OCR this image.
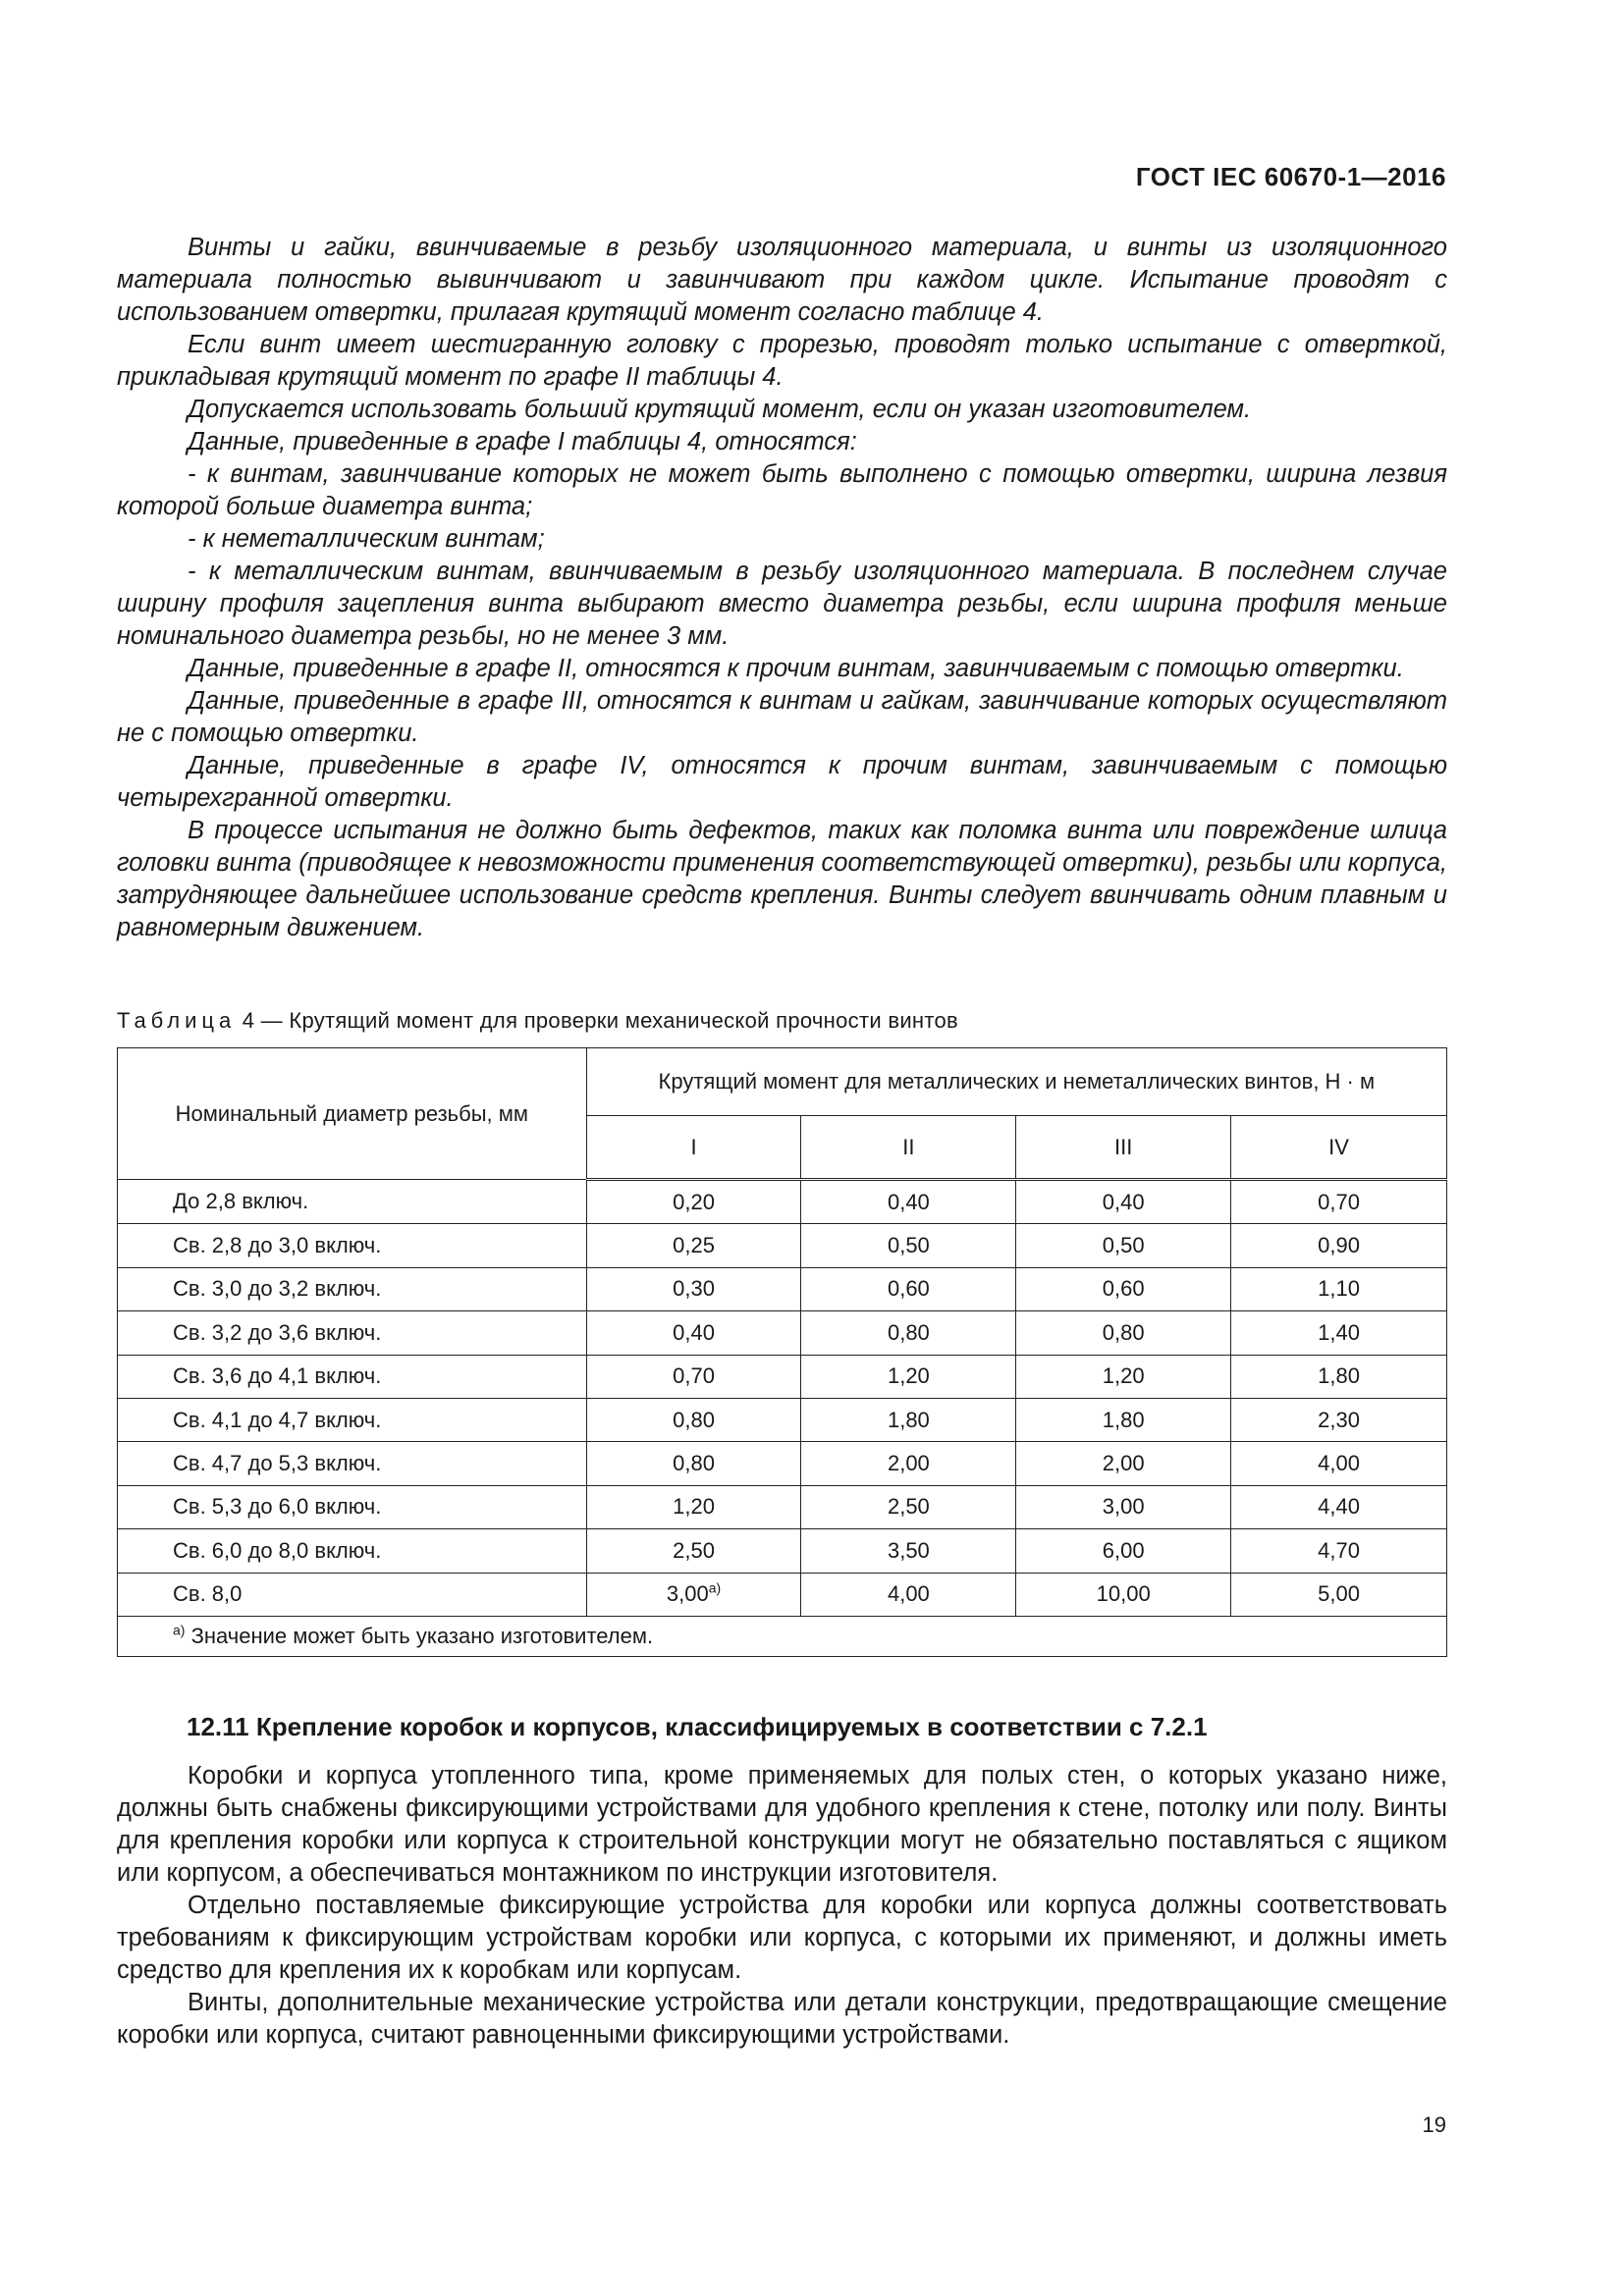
ГОСТ IEC 60670-1—2016

Винты и гайки, ввинчиваемые в резьбу изоляционного материала, и винты из изоляционного материала полностью вывинчивают и завинчивают при каждом цикле. Испытание проводят с использованием отвертки, прилагая крутящий момент согласно таблице 4.

Если винт имеет шестигранную головку с прорезью, проводят только испытание с отверткой, прикладывая крутящий момент по графе II таблицы 4.

Допускается использовать больший крутящий момент, если он указан изготовителем.

Данные, приведенные в графе I таблицы 4, относятся:

- к винтам, завинчивание которых не может быть выполнено с помощью отвертки, ширина лезвия которой больше диаметра винта;

- к неметаллическим винтам;

- к металлическим винтам, ввинчиваемым в резьбу изоляционного материала. В последнем случае ширину профиля зацепления винта выбирают вместо диаметра резьбы, если ширина профиля меньше номинального диаметра резьбы, но не менее 3 мм.

Данные, приведенные в графе II, относятся к прочим винтам, завинчиваемым с помощью отвертки.

Данные, приведенные в графе III, относятся к винтам и гайкам, завинчивание которых осуществляют не с помощью отвертки.

Данные, приведенные в графе IV, относятся к прочим винтам, завинчиваемым с помощью четырехгранной отвертки.

В процессе испытания не должно быть дефектов, таких как поломка винта или повреждение шлица головки винта (приводящее к невозможности применения соответствующей отвертки), резьбы или корпуса, затрудняющее дальнейшее использование средств крепления. Винты следует ввинчивать одним плавным и равномерным движением.

Таблица 4 — Крутящий момент для проверки механической прочности винтов
Номинальный диаметр резьбы, мм	Крутящий момент для металлических и неметаллических винтов, Н · м			
	I	II	III	IV
До 2,8 включ.	0,20	0,40	0,40	0,70
Св. 2,8 до 3,0 включ.	0,25	0,50	0,50	0,90
Св. 3,0 до 3,2 включ.	0,30	0,60	0,60	1,10
Св. 3,2 до 3,6 включ.	0,40	0,80	0,80	1,40
Св. 3,6 до 4,1 включ.	0,70	1,20	1,20	1,80
Св. 4,1 до 4,7 включ.	0,80	1,80	1,80	2,30
Св. 4,7 до 5,3 включ.	0,80	2,00	2,00	4,00
Св. 5,3 до 6,0 включ.	1,20	2,50	3,00	4,40
Св. 6,0 до 8,0 включ.	2,50	3,50	6,00	4,70
Св. 8,0	$3,00^{а)}$	4,00	10,00	5,00
$^{а)}$ Значение может быть указано изготовителем.				
12.11 Крепление коробок и корпусов, классифицируемых в соответствии с 7.2.1

Коробки и корпуса утопленного типа, кроме применяемых для полых стен, о которых указано ниже, должны быть снабжены фиксирующими устройствами для удобного крепления к стене, потолку или полу. Винты для крепления коробки или корпуса к строительной конструкции могут не обязательно поставляться с ящиком или корпусом, а обеспечиваться монтажником по инструкции изготовителя.

Отдельно поставляемые фиксирующие устройства для коробки или корпуса должны соответствовать требованиям к фиксирующим устройствам коробки или корпуса, с которыми их применяют, и должны иметь средство для крепления их к коробкам или корпусам.

Винты, дополнительные механические устройства или детали конструкции, предотвращающие смещение коробки или корпуса, считают равноценными фиксирующими устройствами.

19
